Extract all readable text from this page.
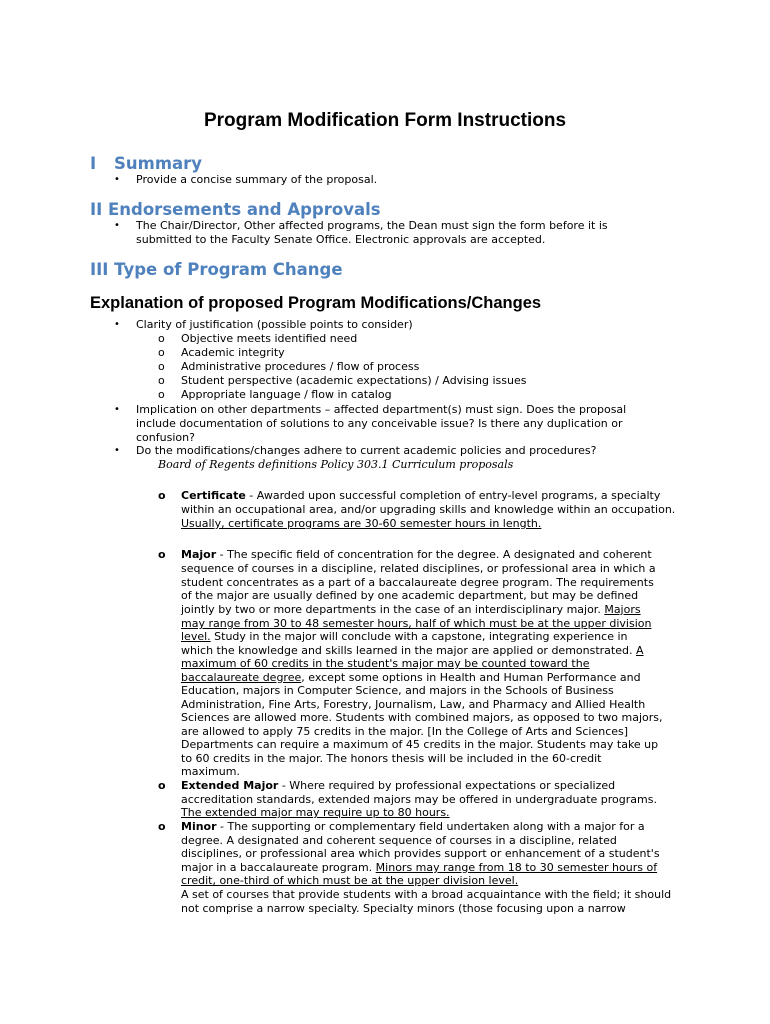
Program Modification Form Instructions
I Summary
• Provide a concise summary of the proposal.
II Endorsements and Approvals
• The Chair/Director, Other affected programs, the Dean must sign the form before it is
submitted to the Faculty Senate Office. Electronic approvals are accepted.
III Type of Program Change
Explanation of proposed Program Modifications/Changes
• Clarity of justification (possible points to consider)
o Objective meets identified need
o Academic integrity
o Administrative procedures / flow of process
o Student perspective (academic expectations) / Advising issues
o Appropriate language / flow in catalog
• Implication on other departments – affected department(s) must sign. Does the proposal
include documentation of solutions to any conceivable issue? Is there any duplication or
confusion?
• Do the modifications/changes adhere to current academic policies and procedures?
Board of Regents definitions Policy 303.1 Curriculum proposals
o Certificate - Awarded upon successful completion of entry-level programs, a specialty
within an occupational area, and/or upgrading skills and knowledge within an occupation.
Usually, certificate programs are 30-60 semester hours in length.
o Major - The specific field of concentration for the degree. A designated and coherent
sequence of courses in a discipline, related disciplines, or professional area in which a
student concentrates as a part of a baccalaureate degree program. The requirements
of the major are usually defined by one academic department, but may be defined
jointly by two or more departments in the case of an interdisciplinary major. Majors
may range from 30 to 48 semester hours, half of which must be at the upper division
level. Study in the major will conclude with a capstone, integrating experience in
which the knowledge and skills learned in the major are applied or demonstrated. A
maximum of 60 credits in the student's major may be counted toward the
baccalaureate degree, except some options in Health and Human Performance and
Education, majors in Computer Science, and majors in the Schools of Business
Administration, Fine Arts, Forestry, Journalism, Law, and Pharmacy and Allied Health
Sciences are allowed more. Students with combined majors, as opposed to two majors,
are allowed to apply 75 credits in the major. [In the College of Arts and Sciences]
Departments can require a maximum of 45 credits in the major. Students may take up
to 60 credits in the major. The honors thesis will be included in the 60-credit
maximum.
o Extended Major - Where required by professional expectations or specialized
accreditation standards, extended majors may be offered in undergraduate programs.
The extended major may require up to 80 hours.
o Minor - The supporting or complementary field undertaken along with a major for a
degree. A designated and coherent sequence of courses in a discipline, related
disciplines, or professional area which provides support or enhancement of a student's
major in a baccalaureate program. Minors may range from 18 to 30 semester hours of
credit, one-third of which must be at the upper division level.
A set of courses that provide students with a broad acquaintance with the field; it should
not comprise a narrow specialty. Specialty minors (those focusing upon a narrow
